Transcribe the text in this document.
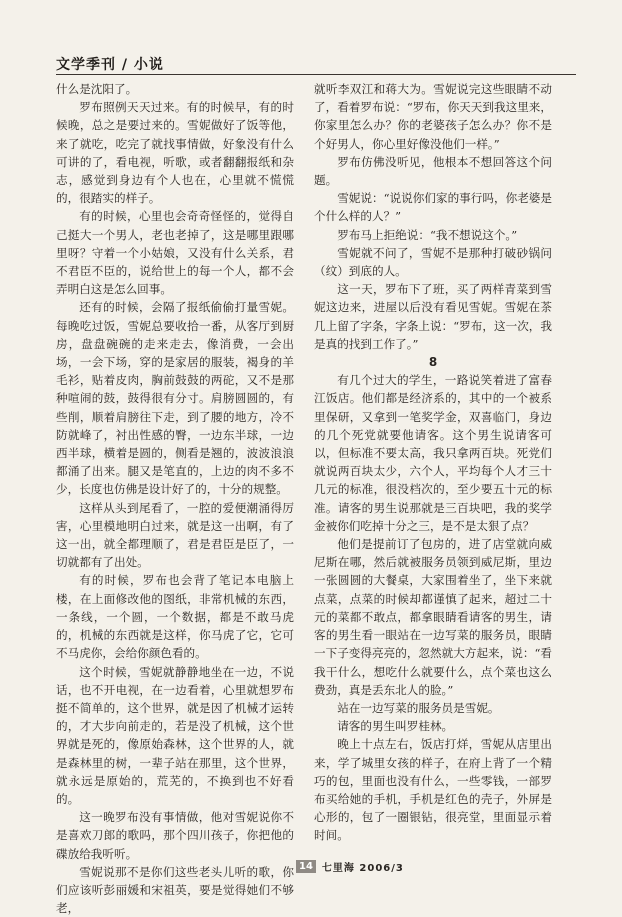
文学季刊 / 小说

什么是沈阳了。

罗布照例天天过来。有的时候早，有的时候晚，总之是要过来的。雪妮做好了饭等他，来了就吃，吃完了就找事情做，好象没有什么可讲的了，看电视，听歌，或者翻翻报纸和杂志，感觉到身边有个人也在，心里就不慌慌的，很踏实的样子。

有的时候，心里也会奇奇怪怪的，觉得自己挺大一个男人，老也老掉了，这是哪里跟哪里呀？守着一个小姑娘，又没有什么关系，君不君臣不臣的，说给世上的每一个人，都不会弄明白这是怎么回事。

还有的时候，会隔了报纸偷偷打量雪妮。每晚吃过饭，雪妮总要收拾一番，从客厅到厨房，盘盘碗碗的走来走去，像消费，一会出场，一会下场，穿的是家居的服装，褐身的羊毛衫，贴着皮肉，胸前鼓鼓的两砣，又不是那种喧闹的鼓，鼓得很有分寸。肩膀圆圆的，有些削，顺着肩膀往下走，到了腰的地方，冷不防就峰了，衬出性感的臀，一边东半球，一边西半球，横着是圆的，侧看是翘的，波波浪浪都涌了出来。腿又是笔直的，上边的肉不多不少，长度也仿佛是设计好了的，十分的规整。

这样从头到尾看了，一腔的爱便潮涌得厉害，心里模地明白过来，就是这一出啊，有了这一出，就全都理顺了，君是君臣是臣了，一切就都有了出处。

有的时候，罗布也会背了笔记本电脑上楼，在上面修改他的图纸，非常机械的东西，一条线，一个圆，一个数据，都是不敢马虎的，机械的东西就是这样，你马虎了它，它可不马虎你，会给你颜色看的。

这个时候，雪妮就静静地坐在一边，不说话，也不开电视，在一边看着，心里就想罗布挺不简单的，这个世界，就是因了机械才运转的，才大步向前走的，若是没了机械，这个世界就是死的，像原始森林，这个世界的人，就是森林里的树，一辈子站在那里，这个世界，就永远是原始的，荒芜的，不换到也不好看的。

这一晚罗布没有事情做，他对雪妮说你不是喜欢刀郎的歌吗，那个四川孩子，你把他的碟放给我听听。

雪妮说那不是你们这些老头儿听的歌，你们应该听彭丽媛和宋祖英，要是觉得她们不够老，

就听李双江和蒋大为。雪妮说完这些眼睛不动了，看着罗布说：“罗布，你天天到我这里来，你家里怎么办？你的老婆孩子怎么办？你不是个好男人，你心里好像没他们一样。”

罗布仿佛没听见，他根本不想回答这个问题。

雪妮说：“说说你们家的事行吗，你老婆是个什么样的人？”

罗布马上拒绝说：“我不想说这个。”

雪妮就不问了，雪妮不是那种打破砂锅问（纹）到底的人。

这一天，罗布下了班，买了两样青菜到雪妮这边来，进屋以后没有看见雪妮。雪妮在茶几上留了字条，字条上说：“罗布，这一次，我是真的找到工作了。”

8

有几个过大的学生，一路说笑着进了富春江饭店。他们都是经济系的，其中的一个被系里保研，又拿到一笔奖学金，双喜临门，身边的几个死党就要他请客。这个男生说请客可以，但标准不要太高，我只拿两百块。死党们就说两百块太少，六个人，平均每个人才三十几元的标准，很没档次的，至少要五十元的标准。请客的男生说那就是三百块吧，我的奖学金被你们吃掉十分之三，是不是太狠了点？

他们是提前订了包房的，进了店堂就向威尼斯在哪，然后就被服务员领到威尼斯，里边一张圆圆的大餐桌，大家围着坐了，坐下来就点菜，点菜的时候却都谨慎了起来，超过二十元的菜都不敢点，都拿眼睛看请客的男生，请客的男生看一眼站在一边写菜的服务员，眼睛一下子变得亮亮的，忽然就大方起来，说：“看我干什么，想吃什么就要什么，点个菜也这么费劲，真是丢东北人的脸。”

站在一边写菜的服务员是雪妮。

请客的男生叫罗桂林。

晚上十点左右，饭店打烊，雪妮从店里出来，学了城里女孩的样子，在府上背了一个精巧的包，里面也没有什么，一些零钱，一部罗布买给她的手机，手机是红色的壳子，外屏是心形的，包了一圈银钻，很亮堂，里面显示着时间。

14 七里海 2006/3
